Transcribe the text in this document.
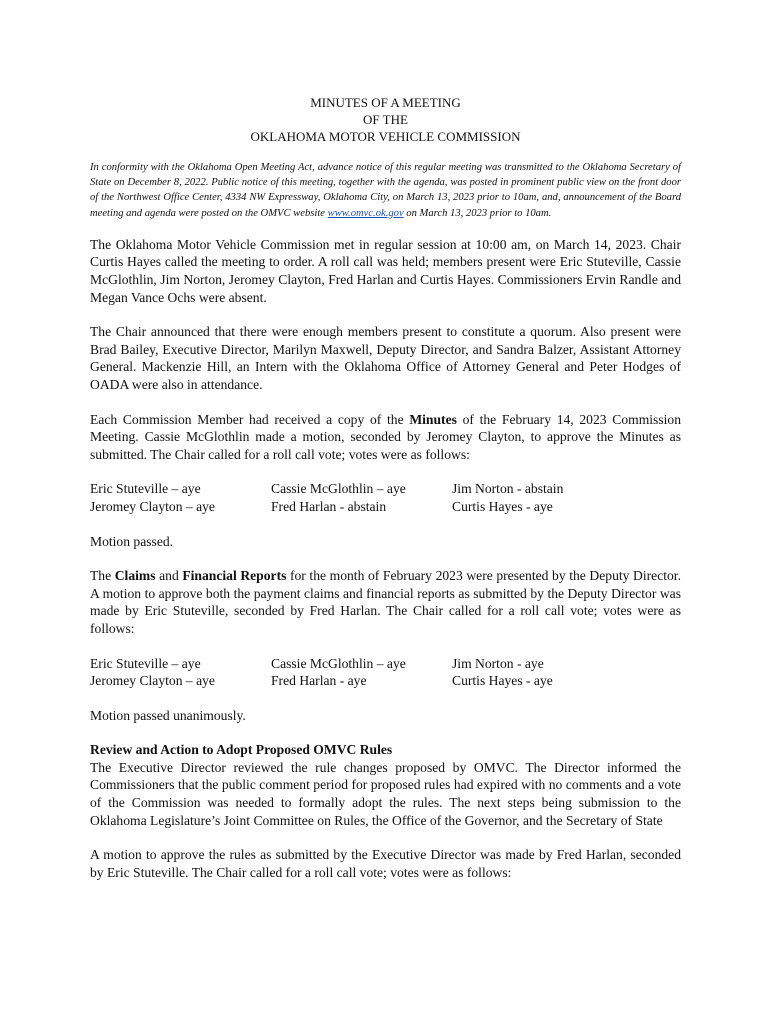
MINUTES OF A MEETING
OF THE
OKLAHOMA MOTOR VEHICLE COMMISSION
In conformity with the Oklahoma Open Meeting Act, advance notice of this regular meeting was transmitted to the Oklahoma Secretary of State on December 8, 2022. Public notice of this meeting, together with the agenda, was posted in prominent public view on the front door of the Northwest Office Center, 4334 NW Expressway, Oklahoma City, on March 13, 2023 prior to 10am, and, announcement of the Board meeting and agenda were posted on the OMVC website www.omvc.ok.gov on March 13, 2023 prior to 10am.

The Oklahoma Motor Vehicle Commission met in regular session at 10:00 am, on March 14, 2023. Chair Curtis Hayes called the meeting to order. A roll call was held; members present were Eric Stuteville, Cassie McGlothlin, Jim Norton, Jeromey Clayton, Fred Harlan and Curtis Hayes. Commissioners Ervin Randle and Megan Vance Ochs were absent.

The Chair announced that there were enough members present to constitute a quorum. Also present were Brad Bailey, Executive Director, Marilyn Maxwell, Deputy Director, and Sandra Balzer, Assistant Attorney General. Mackenzie Hill, an Intern with the Oklahoma Office of Attorney General and Peter Hodges of OADA were also in attendance.

Each Commission Member had received a copy of the Minutes of the February 14, 2023 Commission Meeting. Cassie McGlothlin made a motion, seconded by Jeromey Clayton, to approve the Minutes as submitted. The Chair called for a roll call vote; votes were as follows:

Eric Stuteville – aye	Cassie McGlothlin – aye	Jim Norton - abstain
Jeromey Clayton – aye	Fred Harlan - abstain	Curtis Hayes - aye

Motion passed.

The Claims and Financial Reports for the month of February 2023 were presented by the Deputy Director. A motion to approve both the payment claims and financial reports as submitted by the Deputy Director was made by Eric Stuteville, seconded by Fred Harlan. The Chair called for a roll call vote; votes were as follows:

Eric Stuteville – aye	Cassie McGlothlin – aye	Jim Norton - aye
Jeromey Clayton – aye	Fred Harlan - aye	Curtis Hayes - aye

Motion passed unanimously.

Review and Action to Adopt Proposed OMVC Rules

The Executive Director reviewed the rule changes proposed by OMVC. The Director informed the Commissioners that the public comment period for proposed rules had expired with no comments and a vote of the Commission was needed to formally adopt the rules. The next steps being submission to the Oklahoma Legislature’s Joint Committee on Rules, the Office of the Governor, and the Secretary of State

A motion to approve the rules as submitted by the Executive Director was made by Fred Harlan, seconded by Eric Stuteville. The Chair called for a roll call vote; votes were as follows:
